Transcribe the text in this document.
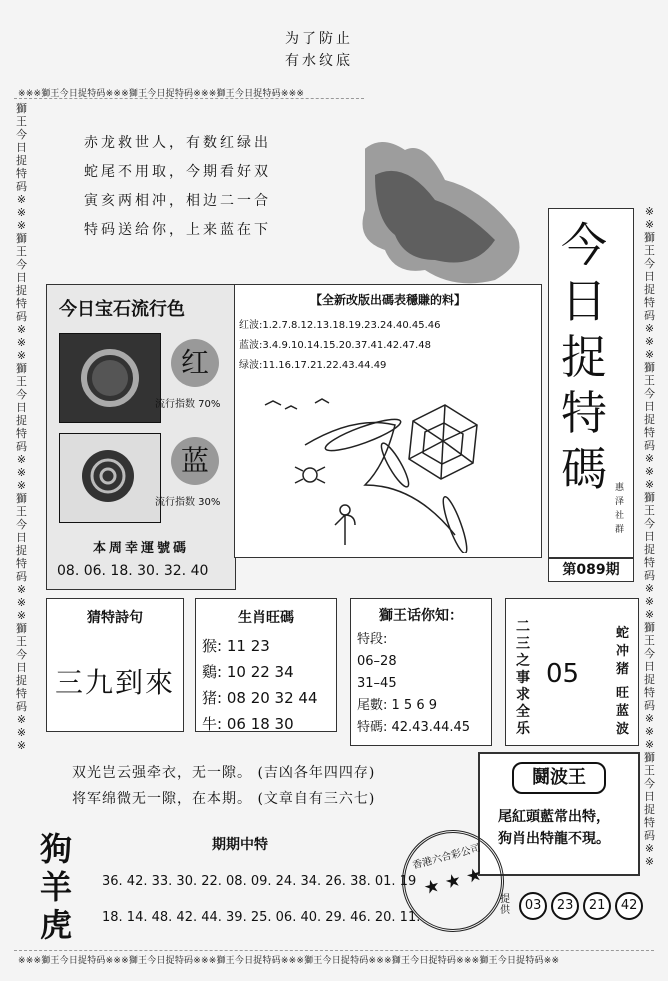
为了防止
有水纹底
※※※獅王今日捉特码※※※獅王今日捉特码※※※獅王今日捉特码※※※
獅王今日捉特码※※※獅王今日捉特码※※※獅王今日捉特码※※※獅王今日捉特码※※※獅王今日捉特码※※※
※※獅王今日捉特码※※※獅王今日捉特码※※※獅王今日捉特码※※※獅王今日捉特码※※※獅王今日捉特码※※
赤龙救世人，有数红绿出
蛇尾不用取，今期看好双
寅亥两相冲，相边二一合
特码送给你，上来蓝在下	今
日
捉
特
碼 惠泽社群
第089期
今日宝石流行色
红
流行指数 70%
蓝
流行指数 30%
本周幸運號碼
08. 06. 18. 30. 32. 40
【全新改版出碼表穩賺的料】
红波:1.2.7.8.12.13.18.19.23.24.40.45.46
蓝波:3.4.9.10.14.15.20.37.41.42.47.48
绿波:11.16.17.21.22.43.44.49
猜特詩句
三九到來
生肖旺碼
猴: 11 23
鷄: 10 22 34
猪: 08 20 32 44
牛: 06 18 30
獅王话你知：
特段:
06–28
31–45
尾數: 1 5 6 9
特碼: 42.43.44.45
二三之事求全乐
05
蛇冲猪
旺蓝波
双光岂云强牵衣，无一隙。 (吉凶各年四四存)
将军绵微无一隙，在本期。 (文章自有三六七)
鬪波王
尾紅頭藍常出特，
狗肖出特龍不現。
香港六合彩公司
★ ★ ★	提供 03 23 21 42
狗
羊
虎
期期中特
36. 42. 33. 30. 22. 08. 09. 24. 34. 26. 38. 01. 19
18. 14. 48. 42. 44. 39. 25. 06. 40. 29. 46. 20. 11.
※※※獅王今日捉特码※※※獅王今日捉特码※※※獅王今日捉特码※※※獅王今日捉特码※※※獅王今日捉特码※※※獅王今日捉特码※※
